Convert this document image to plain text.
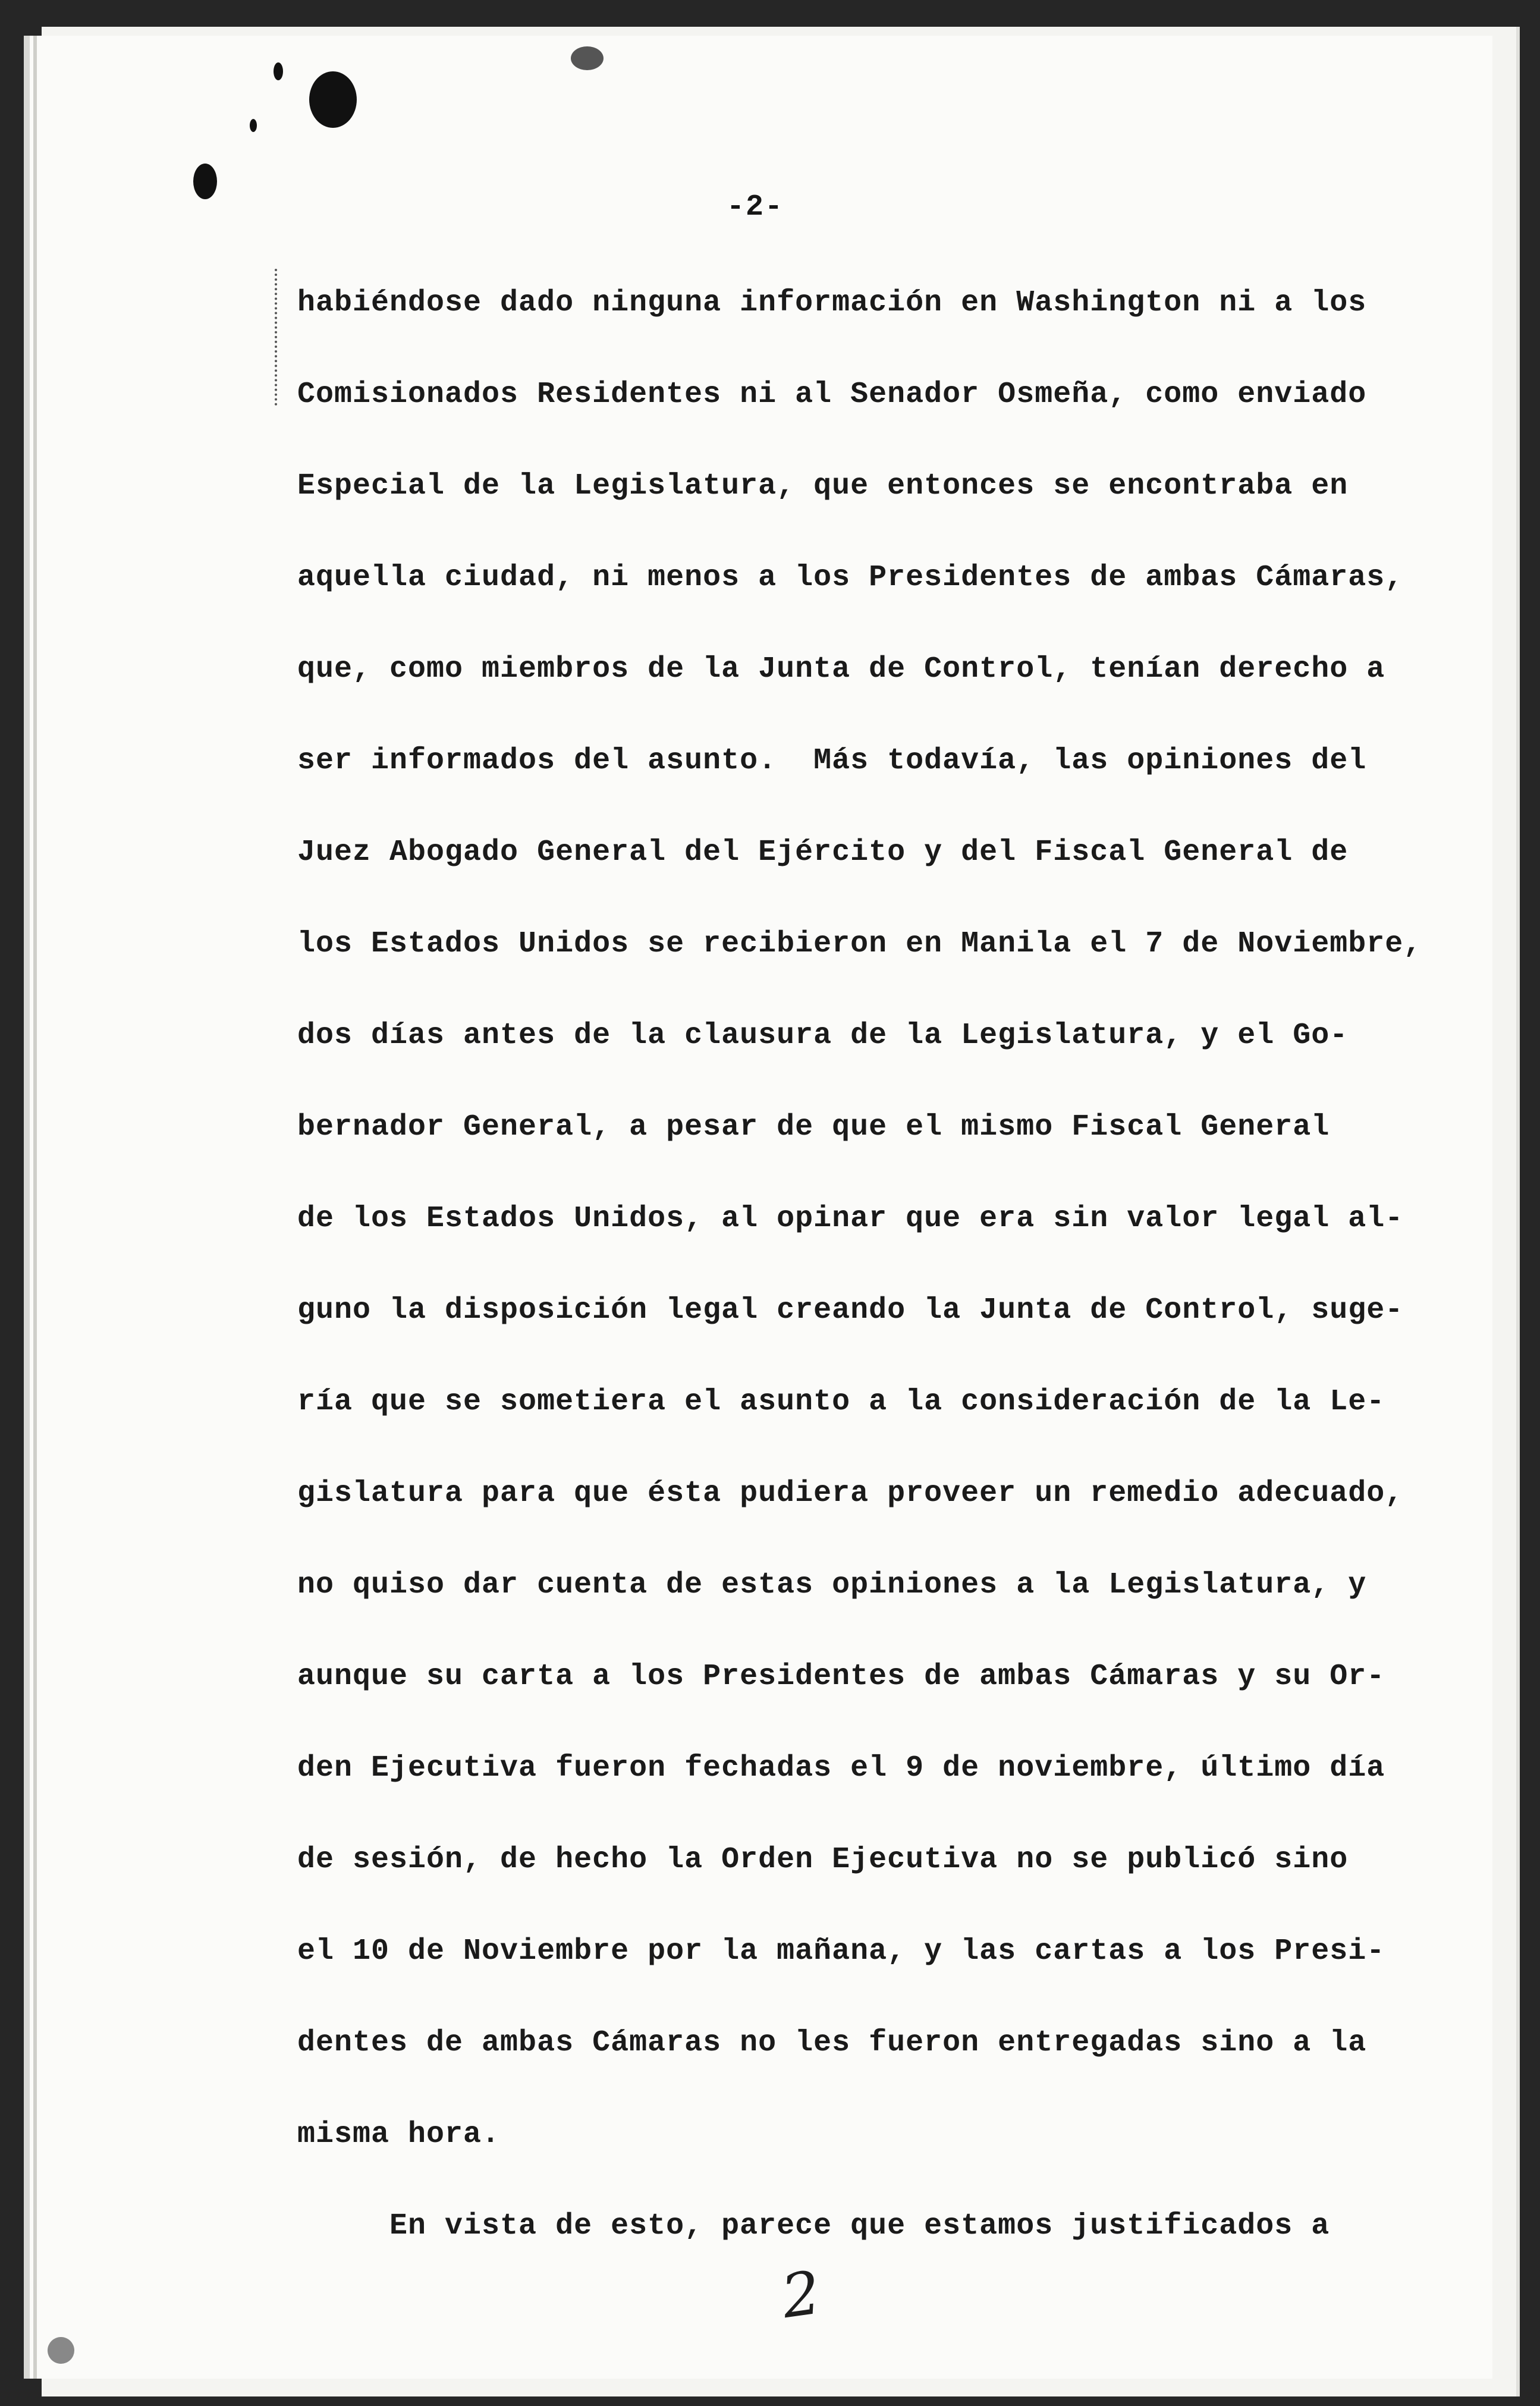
-2-
habiéndose dado ninguna información en Washington ni a los
Comisionados Residentes ni al Senador Osmeña, como enviado
Especial de la Legislatura, que entonces se encontraba en
aquella ciudad, ni menos a los Presidentes de ambas Cámaras,
que, como miembros de la Junta de Control, tenían derecho a
ser informados del asunto.  Más todavía, las opiniones del
Juez Abogado General del Ejército y del Fiscal General de
los Estados Unidos se recibieron en Manila el 7 de Noviembre,
dos días antes de la clausura de la Legislatura, y el Go-
bernador General, a pesar de que el mismo Fiscal General
de los Estados Unidos, al opinar que era sin valor legal al-
guno la disposición legal creando la Junta de Control, suge-
ría que se sometiera el asunto a la consideración de la Le-
gislatura para que ésta pudiera proveer un remedio adecuado,
no quiso dar cuenta de estas opiniones a la Legislatura, y
aunque su carta a los Presidentes de ambas Cámaras y su Or-
den Ejecutiva fueron fechadas el 9 de noviembre, último día
de sesión, de hecho la Orden Ejecutiva no se publicó sino
el 10 de Noviembre por la mañana, y las cartas a los Presi-
dentes de ambas Cámaras no les fueron entregadas sino a la
misma hora.
En vista de esto, parece que estamos justificados a
2
